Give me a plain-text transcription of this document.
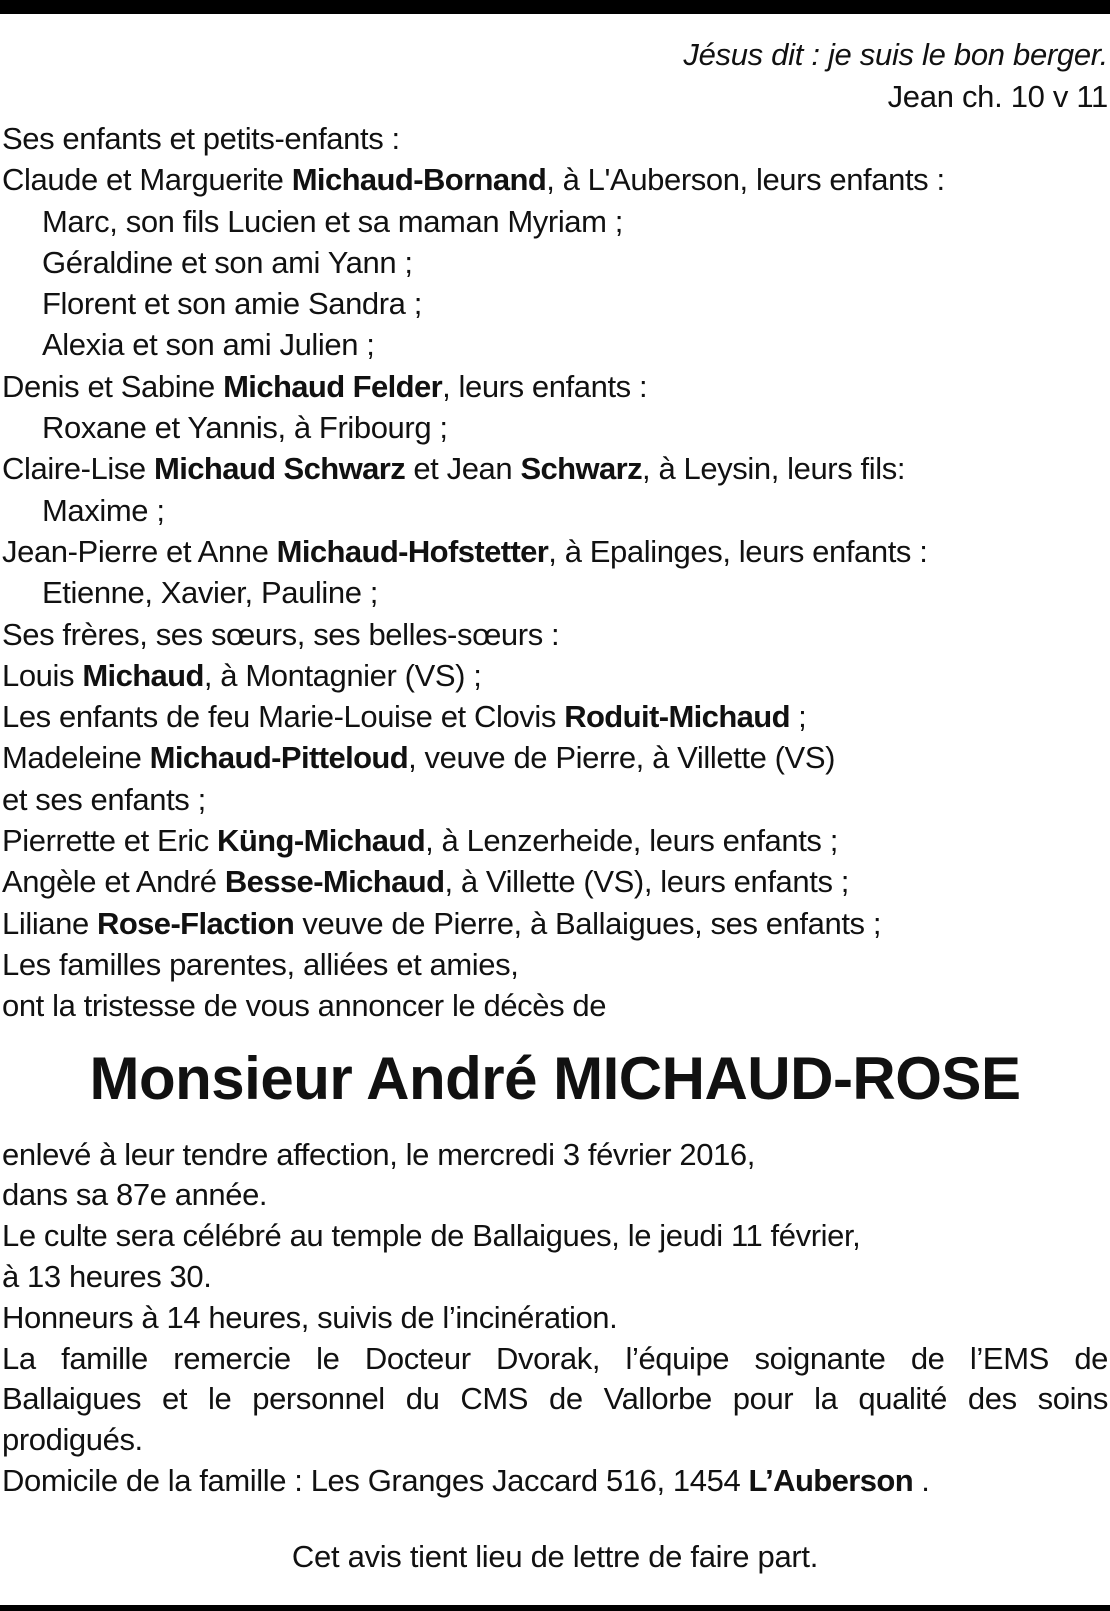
Jésus dit : je suis le bon berger.
Jean ch. 10 v 11
Ses enfants et petits-enfants :
Claude et Marguerite Michaud-Bornand, à L'Auberson, leurs enfants :
Marc, son fils Lucien et sa maman Myriam ;
Géraldine et son ami Yann ;
Florent et son amie Sandra ;
Alexia et son ami Julien ;
Denis et Sabine Michaud Felder, leurs enfants :
Roxane et Yannis, à Fribourg ;
Claire-Lise Michaud Schwarz et Jean Schwarz, à Leysin, leurs fils:
Maxime ;
Jean-Pierre et Anne Michaud-Hofstetter, à Epalinges, leurs enfants :
Etienne, Xavier, Pauline ;
Ses frères, ses sœurs, ses belles-sœurs :
Louis Michaud, à Montagnier (VS) ;
Les enfants de feu Marie-Louise et Clovis Roduit-Michaud ;
Madeleine Michaud-Pitteloud, veuve de Pierre, à Villette (VS)
et ses enfants ;
Pierrette et Eric Küng-Michaud, à Lenzerheide, leurs enfants ;
Angèle et André Besse-Michaud, à Villette (VS), leurs enfants ;
Liliane Rose-Flaction veuve de Pierre, à Ballaigues, ses enfants ;
Les familles parentes, alliées et amies,
ont la tristesse de vous annoncer le décès de
Monsieur André MICHAUD-ROSE
enlevé à leur tendre affection, le mercredi 3 février 2016,
dans sa 87e année.
Le culte sera célébré au temple de Ballaigues, le jeudi 11 février,
à 13 heures 30.
Honneurs à 14 heures, suivis de l’incinération.
La famille remercie le Docteur Dvorak, l’équipe soignante de l’EMS de
Ballaigues et le personnel du CMS de Vallorbe pour la qualité des soins
prodigués.
Domicile de la famille : Les Granges Jaccard 516, 1454 L’Auberson .
Cet avis tient lieu de lettre de faire part.
